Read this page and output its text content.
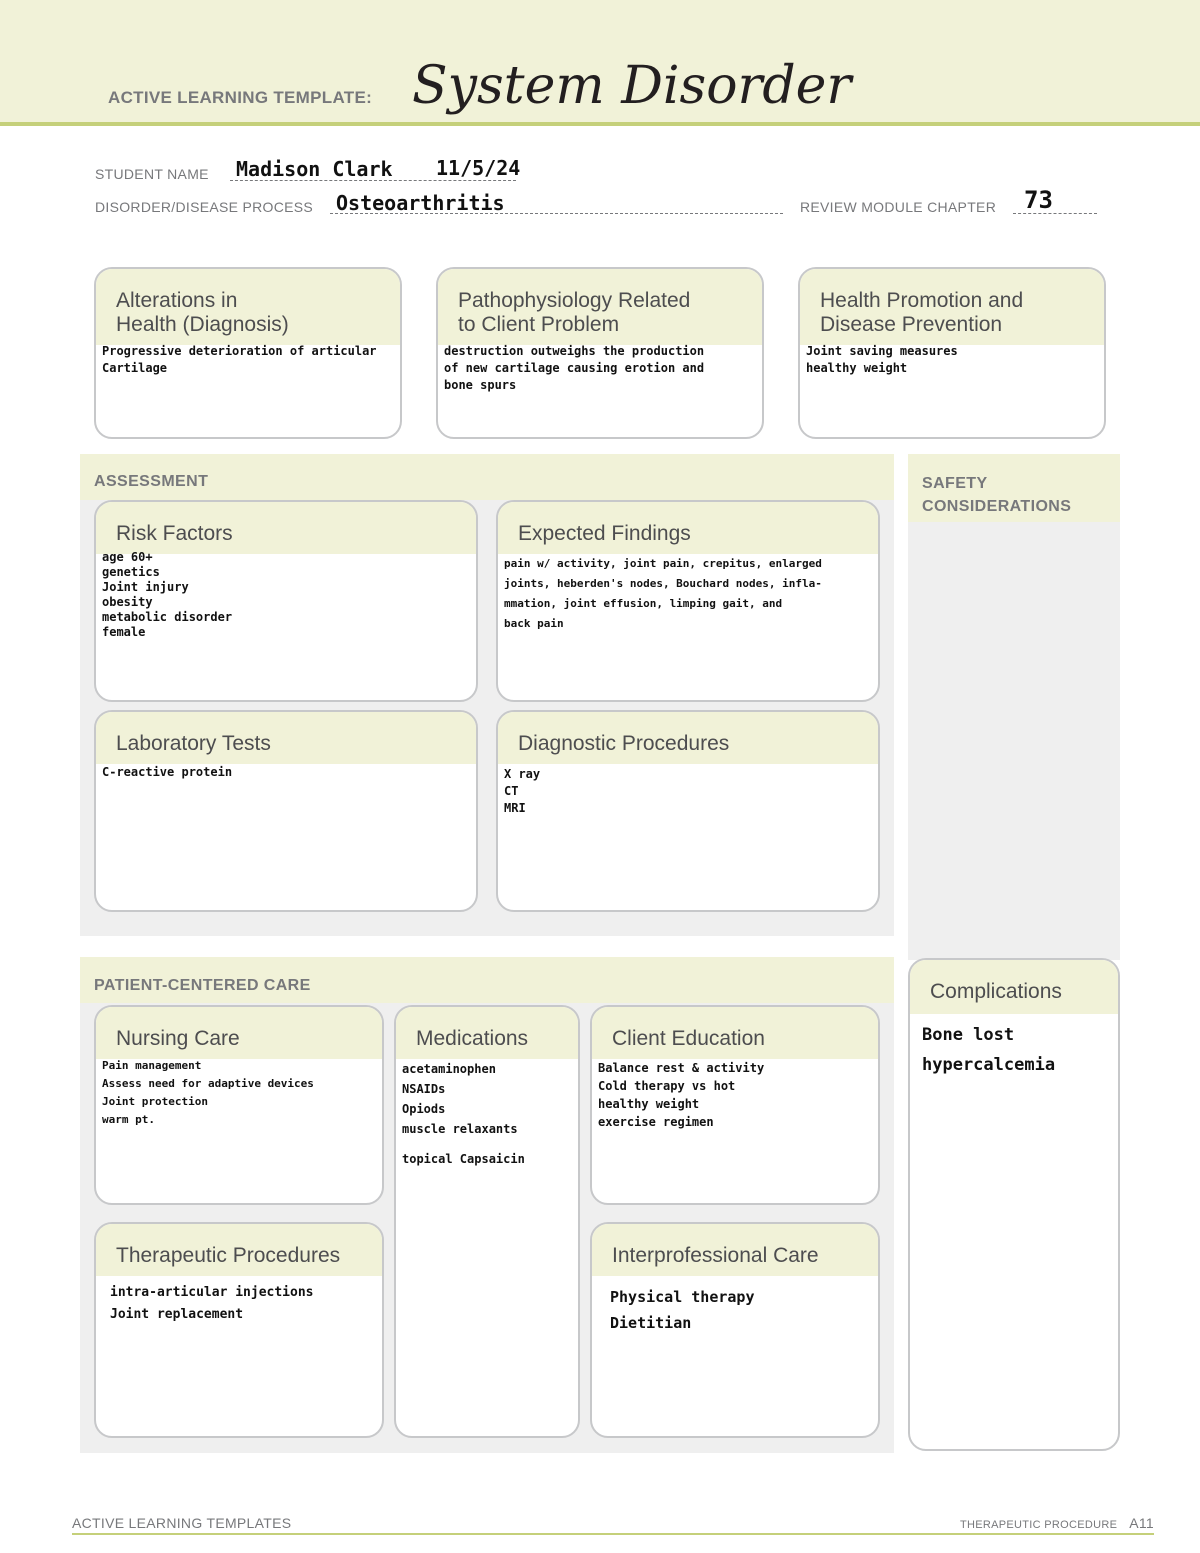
ACTIVE LEARNING TEMPLATE: System Disorder
STUDENT NAME Madison Clark 11/5/24
DISORDER/DISEASE PROCESS Osteoarthritis	REVIEW MODULE CHAPTER 73
Alterations in
Health (Diagnosis)
Progressive deterioration of articular
Cartilage
Pathophysiology Related
to Client Problem
destruction outweighs the production
of new cartilage causing erotion and
bone spurs
Health Promotion and
Disease Prevention
Joint saving measures
healthy weight
ASSESSMENT
Risk Factors
age 60+
genetics
Joint injury
obesity
metabolic disorder
female
Expected Findings
pain w/ activity, joint pain, crepitus, enlarged
joints, heberden's nodes, Bouchard nodes, infla-
mmation, joint effusion, limping gait, and
back pain
Laboratory Tests
C-reactive protein
Diagnostic Procedures
X ray
CT
MRI
SAFETY
CONSIDERATIONS
PATIENT-CENTERED CARE
Nursing Care
Pain management
Assess need for adaptive devices
Joint protection
warm pt.
Medications
acetaminophen
NSAIDs
Opiods
muscle relaxants
topical Capsaicin
Client Education
Balance rest & activity
Cold therapy vs hot
healthy weight
exercise regimen
Therapeutic Procedures
intra-articular injections
Joint replacement
Interprofessional Care
Physical therapy
Dietitian
Complications
Bone lost
hypercalcemia
ACTIVE LEARNING TEMPLATES	THERAPEUTIC PROCEDURE A11
